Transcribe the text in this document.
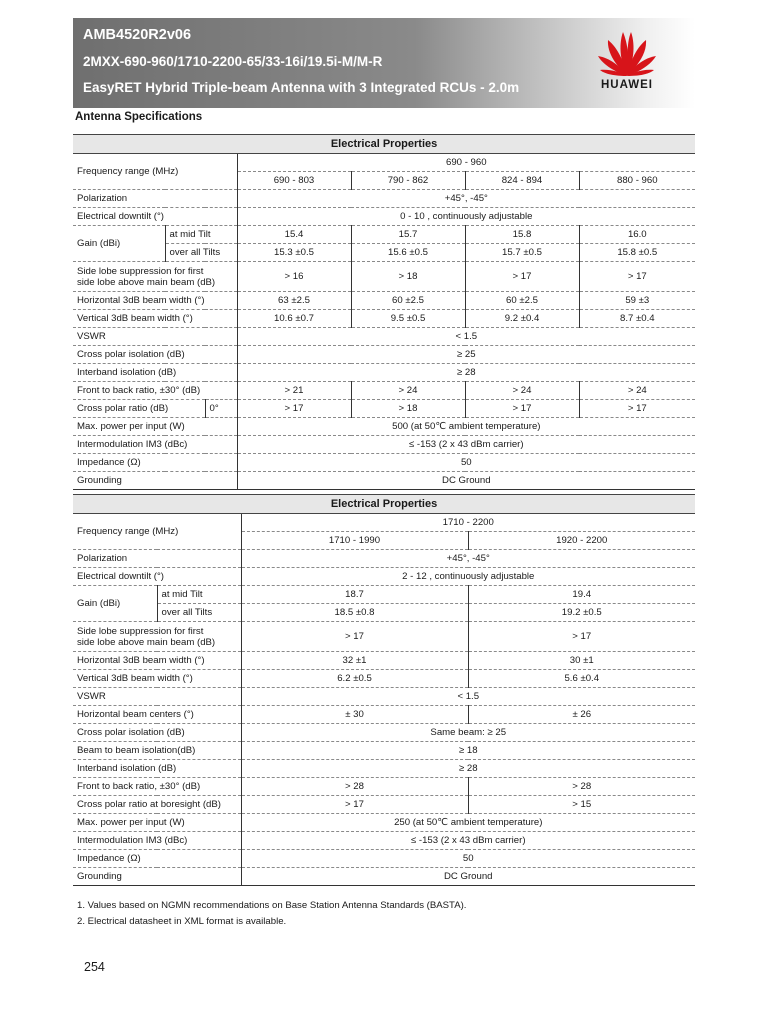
AMB4520R2v06
2MXX-690-960/1710-2200-65/33-16i/19.5i-M/M-R
EasyRET Hybrid Triple-beam Antenna with 3 Integrated RCUs - 2.0m	HUAWEI
Antenna Specifications
Electrical Properties						
Frequency range (MHz)			690 - 960			
			690 - 803	790 - 862	824 - 894	880 - 960
Polarization			+45°, -45°			
Electrical downtilt (°)			0 - 10 , continuously adjustable			
Gain (dBi)	at mid Tilt		15.4	15.7	15.8	16.0
	over all Tilts		15.3 ±0.5	15.6 ±0.5	15.7 ±0.5	15.8 ±0.5
Side lobe suppression for first
side lobe above main beam (dB)			> 16	> 18	> 17	> 17
Horizontal 3dB beam width (°)			63 ±2.5	60 ±2.5	60 ±2.5	59 ±3
Vertical 3dB beam width (°)			10.6 ±0.7	9.5 ±0.5	9.2 ±0.4	8.7 ±0.4
VSWR			< 1.5			
Cross polar isolation (dB)			≥ 25			
Interband isolation (dB)			≥ 28			
Front to back ratio, ±30° (dB)			> 21	> 24	> 24	> 24
Cross polar ratio (dB)		0°	> 17	> 18	> 17	> 17
Max. power per input (W)			500 (at 50℃ ambient temperature)			
Intermodulation IM3 (dBc)			≤ -153 (2 x 43 dBm carrier)			
Impedance (Ω)			50			
Grounding			DC Ground			
Electrical Properties			
Frequency range (MHz)		1710 - 2200	
		1710 - 1990	1920 - 2200
Polarization		+45°, -45°	
Electrical downtilt (°)		2 - 12 , continuously adjustable	
Gain (dBi)	at mid Tilt	18.7	19.4
	over all Tilts	18.5 ±0.8	19.2 ±0.5
Side lobe suppression for first
side lobe above main beam (dB)		> 17	> 17
Horizontal 3dB beam width (°)		32 ±1	30 ±1
Vertical 3dB beam width (°)		6.2 ±0.5	5.6 ±0.4
VSWR		< 1.5	
Horizontal beam centers (°)		± 30	± 26
Cross polar isolation (dB)		Same beam: ≥ 25	
Beam to beam isolation(dB)		≥ 18	
Interband isolation (dB)		≥ 28	
Front to back ratio, ±30° (dB)		> 28	> 28
Cross polar ratio at boresight (dB)		> 17	> 15
Max. power per input (W)		250 (at 50℃ ambient temperature)	
Intermodulation IM3 (dBc)		≤ -153 (2 x 43 dBm carrier)	
Impedance (Ω)		50	
Grounding		DC Ground	
1. Values based on NGMN recommendations on Base Station Antenna Standards (BASTA).
2. Electrical datasheet in XML format is available.
254
